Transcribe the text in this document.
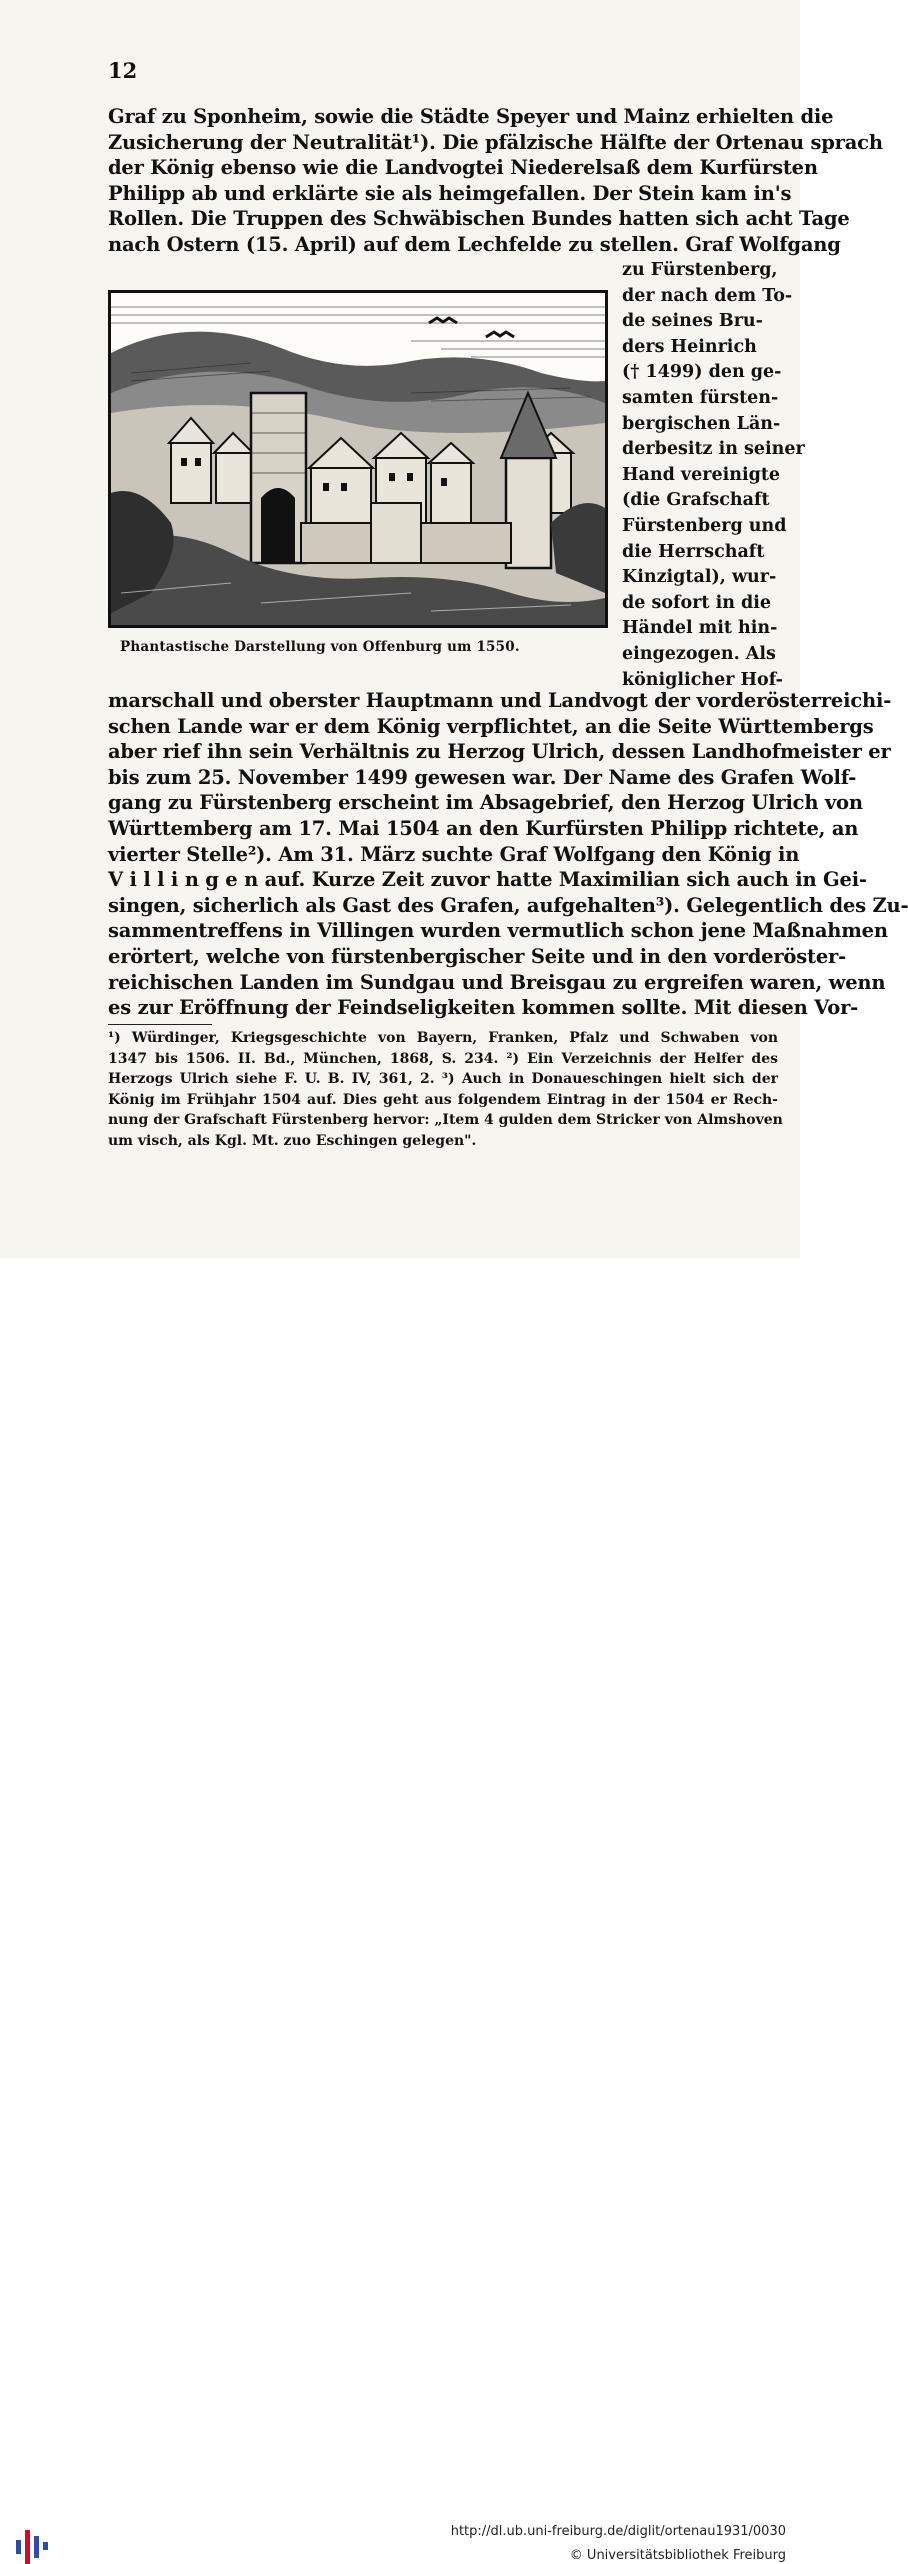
12
Graf zu Sponheim, sowie die Städte Speyer und Mainz erhielten die
Zusicherung der Neutralität¹). Die pfälzische Hälfte der Ortenau sprach
der König ebenso wie die Landvogtei Niederelsaß dem Kurfürsten
Philipp ab und erklärte sie als heimgefallen. Der Stein kam in's
Rollen. Die Truppen des Schwäbischen Bundes hatten sich acht Tage
nach Ostern (15. April) auf dem Lechfelde zu stellen. Graf Wolfgang
Phantastische Darstellung von Offenburg um 1550.
zu Fürstenberg,
der nach dem To-
de seines Bru-
ders Heinrich
(† 1499) den ge-
samten fürsten-
bergischen Län-
derbesitz in seiner
Hand vereinigte
(die Grafschaft
Fürstenberg und
die Herrschaft
Kinzigtal), wur-
de sofort in die
Händel mit hin-
eingezogen. Als
königlicher Hof-
marschall und oberster Hauptmann und Landvogt der vorderösterreichi-
schen Lande war er dem König verpflichtet, an die Seite Württembergs
aber rief ihn sein Verhältnis zu Herzog Ulrich, dessen Landhofmeister er
bis zum 25. November 1499 gewesen war. Der Name des Grafen Wolf-
gang zu Fürstenberg erscheint im Absagebrief, den Herzog Ulrich von
Württemberg am 17. Mai 1504 an den Kurfürsten Philipp richtete, an
vierter Stelle²). Am 31. März suchte Graf Wolfgang den König in
V i l l i n g e n auf. Kurze Zeit zuvor hatte Maximilian sich auch in Gei-
singen, sicherlich als Gast des Grafen, aufgehalten³). Gelegentlich des Zu-
sammentreffens in Villingen wurden vermutlich schon jene Maßnahmen
erörtert, welche von fürstenbergischer Seite und in den vorderöster-
reichischen Landen im Sundgau und Breisgau zu ergreifen waren, wenn
es zur Eröffnung der Feindseligkeiten kommen sollte. Mit diesen Vor-
¹) Würdinger, Kriegsgeschichte von Bayern, Franken, Pfalz und Schwaben von
1347 bis 1506. II. Bd., München, 1868, S. 234. ²) Ein Verzeichnis der Helfer des
Herzogs Ulrich siehe F. U. B. IV, 361, 2. ³) Auch in Donaueschingen hielt sich der
König im Frühjahr 1504 auf. Dies geht aus folgendem Eintrag in der 1504 er Rech-
nung der Grafschaft Fürstenberg hervor: „Item 4 gulden dem Stricker von Almshoven
um visch, als Kgl. Mt. zuo Eschingen gelegen".
http://dl.ub.uni-freiburg.de/diglit/ortenau1931/0030
© Universitätsbibliothek Freiburg
